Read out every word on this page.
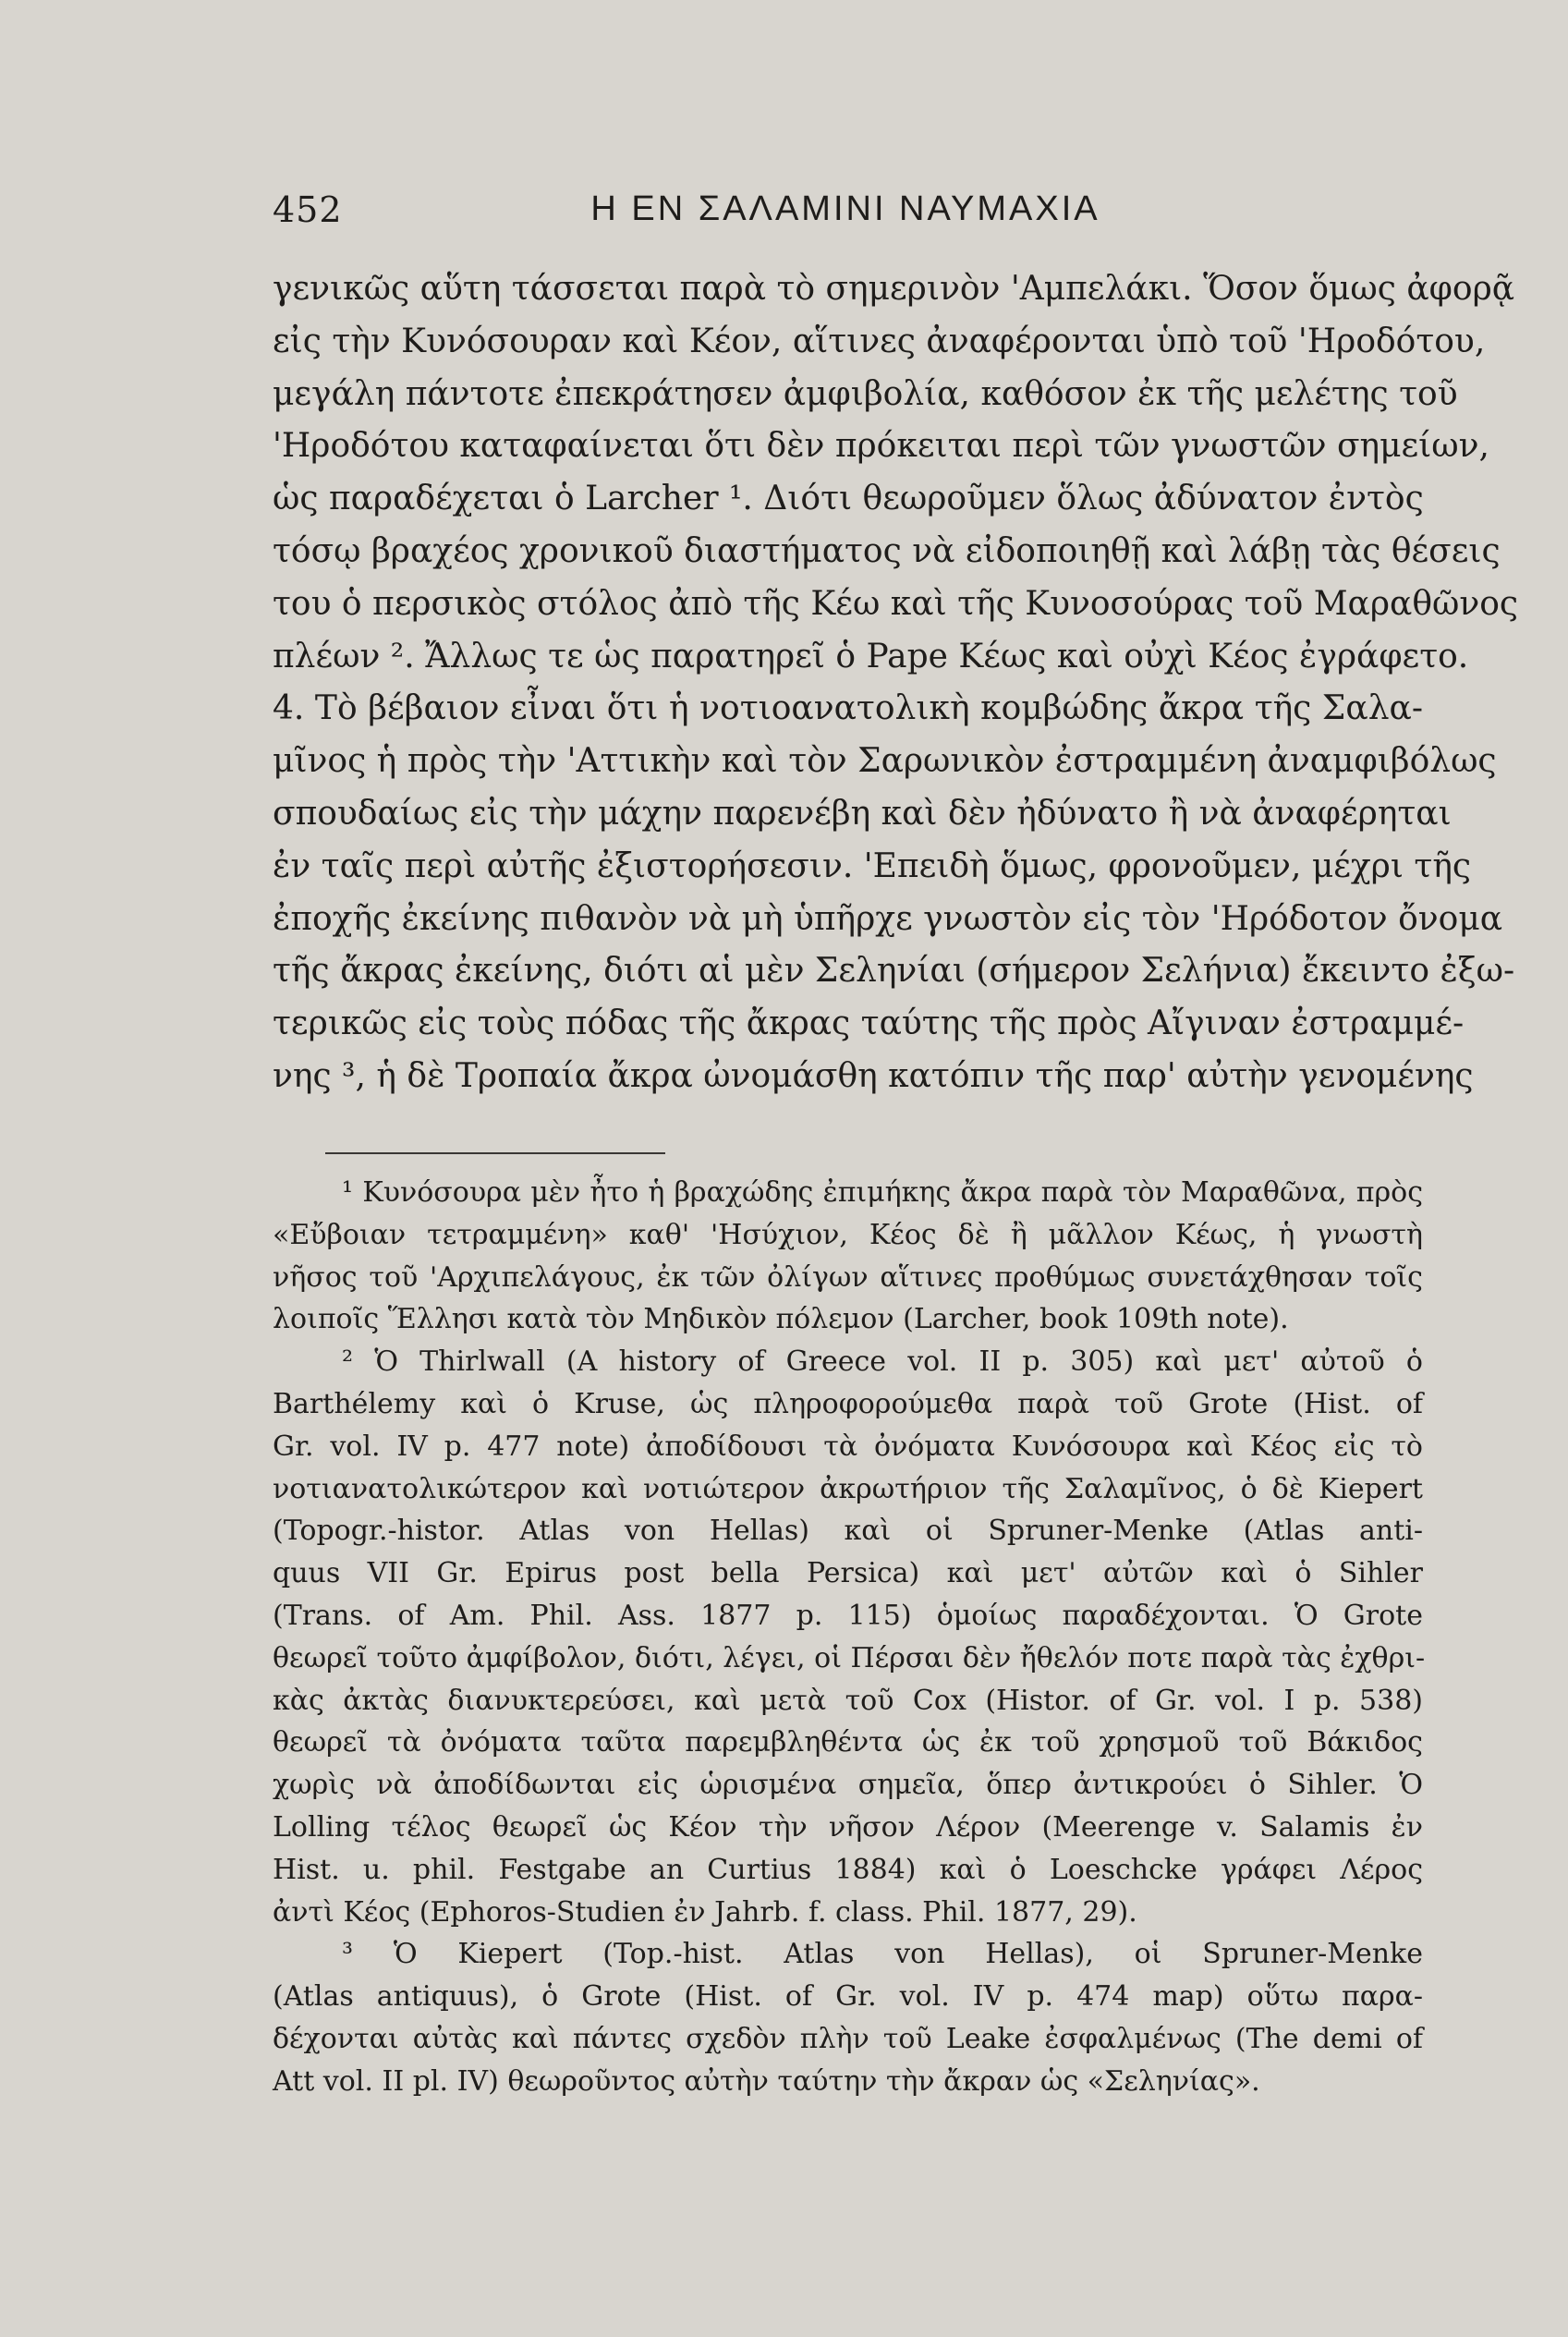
452	Η ΕΝ ΣΑΛΑΜΙΝΙ ΝΑΥΜΑΧΙΑ
γενικῶς αὕτη τάσσεται παρὰ τὸ σημερινὸν 'Αμπελάκι. Ὅσον ὅμως ἀφορᾷ
εἰς τὴν Κυνόσουραν καὶ Κέον, αἵτινες ἀναφέρονται ὑπὸ τοῦ 'Ηροδότου,
μεγάλη πάντοτε ἐπεκράτησεν ἀμφιβολία, καθόσον ἐκ τῆς μελέτης τοῦ
'Ηροδότου καταφαίνεται ὅτι δὲν πρόκειται περὶ τῶν γνωστῶν σημείων,
ὡς παραδέχεται ὁ Larcher ¹. Διότι θεωροῦμεν ὅλως ἀδύνατον ἐντὸς
τόσῳ βραχέος χρονικοῦ διαστήματος νὰ εἰδοποιηθῇ καὶ λάβῃ τὰς θέσεις
του ὁ περσικὸς στόλος ἀπὸ τῆς Κέω καὶ τῆς Κυνοσούρας τοῦ Μαραθῶνος
πλέων ². Ἄλλως τε ὡς παρατηρεῖ ὁ Pape Κέως καὶ οὐχὶ Κέος ἐγράφετο.
4. Τὸ βέβαιον εἶναι ὅτι ἡ νοτιοανατολικὴ κομβώδης ἄκρα τῆς Σαλα-
μῖνος ἡ πρὸς τὴν 'Αττικὴν καὶ τὸν Σαρωνικὸν ἐστραμμένη ἀναμφιβόλως
σπουδαίως εἰς τὴν μάχην παρενέβη καὶ δὲν ἠδύνατο ἢ νὰ ἀναφέρηται
ἐν ταῖς περὶ αὐτῆς ἐξιστορήσεσιν. 'Επειδὴ ὅμως, φρονοῦμεν, μέχρι τῆς
ἐποχῆς ἐκείνης πιθανὸν νὰ μὴ ὑπῆρχε γνωστὸν εἰς τὸν 'Ηρόδοτον ὄνομα
τῆς ἄκρας ἐκείνης, διότι αἱ μὲν Σεληνίαι (σήμερον Σελήνια) ἔκειντο ἐξω-
τερικῶς εἰς τοὺς πόδας τῆς ἄκρας ταύτης τῆς πρὸς Αἴγιναν ἐστραμμέ-
νης ³, ἡ δὲ Τροπαία ἄκρα ὠνομάσθη κατόπιν τῆς παρ' αὐτὴν γενομένης
¹ Κυνόσουρα μὲν ἦτο ἡ βραχώδης ἐπιμήκης ἄκρα παρὰ τὸν Μαραθῶνα, πρὸς
«Εὔβοιαν τετραμμένη» καθ' 'Ησύχιον, Κέος δὲ ἢ μᾶλλον Κέως, ἡ γνωστὴ
νῆσος τοῦ 'Αρχιπελάγους, ἐκ τῶν ὀλίγων αἵτινες προθύμως συνετάχθησαν τοῖς
λοιποῖς Ἕλλησι κατὰ τὸν Μηδικὸν πόλεμον (Larcher, book 109th note).
² Ὁ Thirlwall (A history of Greece vol. II p. 305) καὶ μετ' αὐτοῦ ὁ
Barthélemy καὶ ὁ Kruse, ὡς πληροφορούμεθα παρὰ τοῦ Grote (Hist. of
Gr. vol. IV p. 477 note) ἀποδίδουσι τὰ ὀνόματα Κυνόσουρα καὶ Κέος εἰς τὸ
νοτιανατολικώτερον καὶ νοτιώτερον ἀκρωτήριον τῆς Σαλαμῖνος, ὁ δὲ Kiepert
(Topogr.-histor. Atlas von Hellas) καὶ οἱ Spruner-Menke (Atlas anti-
quus VII Gr. Epirus post bella Persica) καὶ μετ' αὐτῶν καὶ ὁ Sihler
(Trans. of Am. Phil. Ass. 1877 p. 115) ὁμοίως παραδέχονται. Ὁ Grote
θεωρεῖ τοῦτο ἀμφίβολον, διότι, λέγει, οἱ Πέρσαι δὲν ἤθελόν ποτε παρὰ τὰς ἐχθρι-
κὰς ἀκτὰς διανυκτερεύσει, καὶ μετὰ τοῦ Cox (Histor. of Gr. vol. I p. 538)
θεωρεῖ τὰ ὀνόματα ταῦτα παρεμβληθέντα ὡς ἐκ τοῦ χρησμοῦ τοῦ Βάκιδος
χωρὶς νὰ ἀποδίδωνται εἰς ὡρισμένα σημεῖα, ὅπερ ἀντικρούει ὁ Sihler. Ὁ
Lolling τέλος θεωρεῖ ὡς Κέον τὴν νῆσον Λέρον (Meerenge v. Salamis ἐν
Hist. u. phil. Festgabe an Curtius 1884) καὶ ὁ Loeschcke γράφει Λέρος
ἀντὶ Κέος (Ephoros-Studien ἐν Jahrb. f. class. Phil. 1877, 29).
³ Ὁ Kiepert (Top.-hist. Atlas von Hellas), οἱ Spruner-Menke
(Atlas antiquus), ὁ Grote (Hist. of Gr. vol. IV p. 474 map) οὕτω παρα-
δέχονται αὐτὰς καὶ πάντες σχεδὸν πλὴν τοῦ Leake ἐσφαλμένως (The demi of
Att vol. II pl. IV) θεωροῦντος αὐτὴν ταύτην τὴν ἄκραν ὡς «Σεληνίας».
